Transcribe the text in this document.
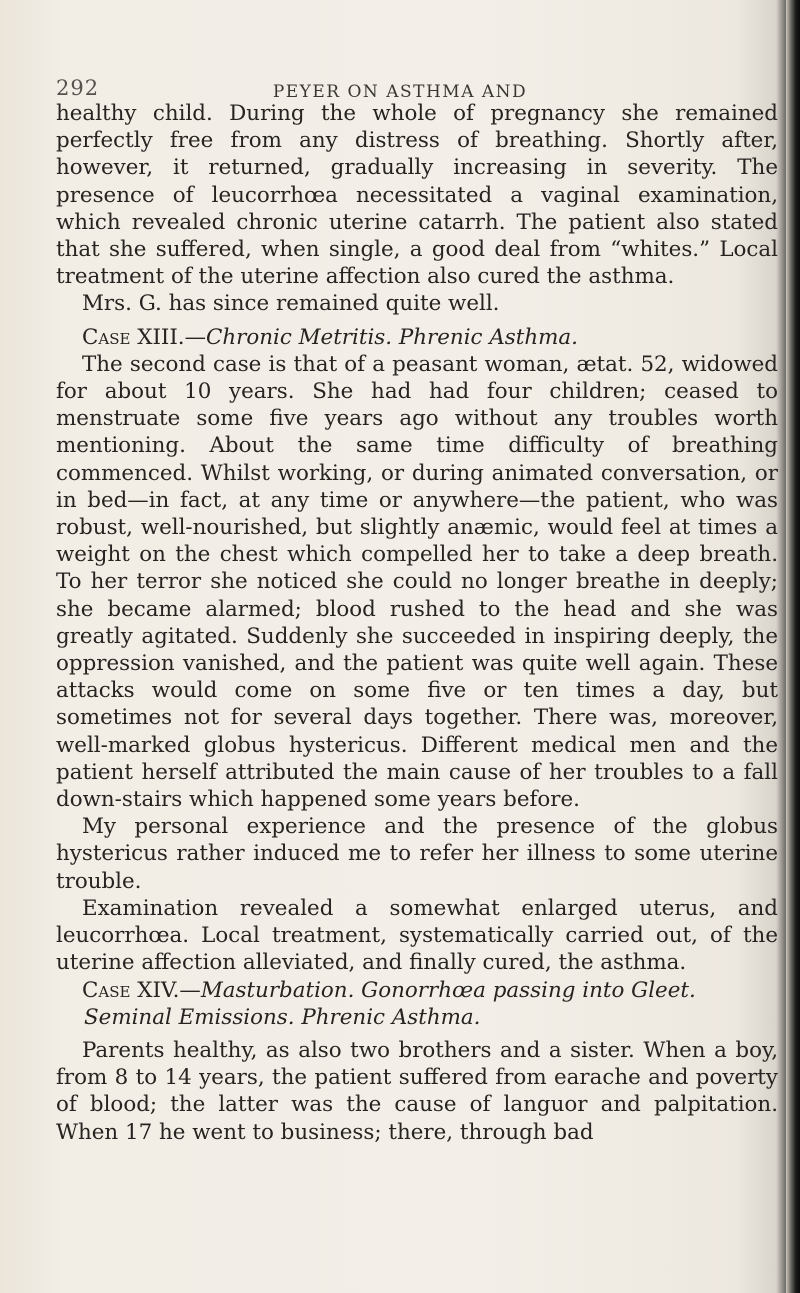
292	PEYER ON ASTHMA AND

healthy child. During the whole of pregnancy she remained perfectly free from any distress of breathing. Shortly after, however, it returned, gradually increasing in severity. The presence of leucorrhœa necessitated a vaginal examination, which revealed chronic uterine catarrh. The patient also stated that she suffered, when single, a good deal from “whites.” Local treatment of the uterine affection also cured the asthma.

Mrs. G. has since remained quite well.

Case XIII.—Chronic Metritis. Phrenic Asthma.

The second case is that of a peasant woman, ætat. 52, widowed for about 10 years. She had had four children; ceased to menstruate some five years ago without any troubles worth mentioning. About the same time difficulty of breathing commenced. Whilst working, or during animated conversation, or in bed—in fact, at any time or anywhere—the patient, who was robust, well-nourished, but slightly anæmic, would feel at times a weight on the chest which compelled her to take a deep breath. To her terror she noticed she could no longer breathe in deeply; she became alarmed; blood rushed to the head and she was greatly agitated. Suddenly she succeeded in inspiring deeply, the oppression vanished, and the patient was quite well again. These attacks would come on some five or ten times a day, but sometimes not for several days together. There was, moreover, well-marked globus hystericus. Different medical men and the patient herself attributed the main cause of her troubles to a fall down-stairs which happened some years before.

My personal experience and the presence of the globus hystericus rather induced me to refer her illness to some uterine trouble.

Examination revealed a somewhat enlarged uterus, and leucorrhœa. Local treatment, systematically carried out, of the uterine affection alleviated, and finally cured, the asthma.

Case XIV.—Masturbation. Gonorrhœa passing into Gleet.
Seminal Emissions. Phrenic Asthma.

Parents healthy, as also two brothers and a sister. When a boy, from 8 to 14 years, the patient suffered from earache and poverty of blood; the latter was the cause of languor and palpitation. When 17 he went to business; there, through bad
